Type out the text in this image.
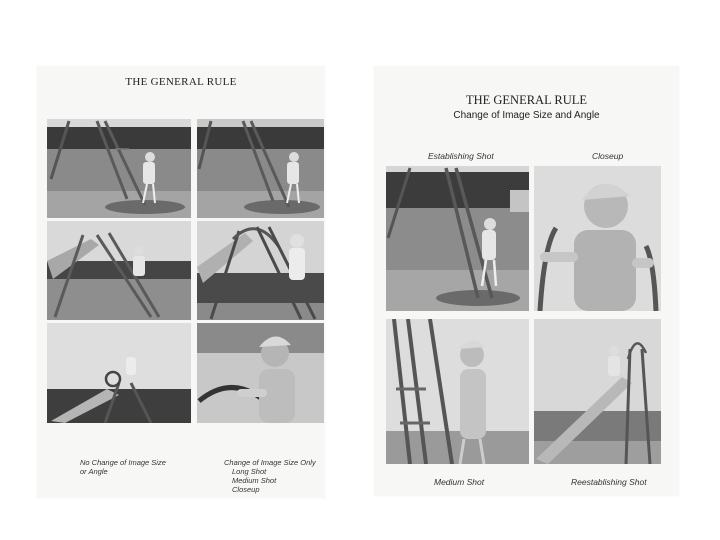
THE GENERAL RULE
No Change of Image Size
or Angle
Change of Image Size Only
Long Shot
Medium Shot
Closeup
THE GENERAL RULE
Change of Image Size and Angle
Establishing Shot	Closeup
Medium Shot	Reestablishing Shot
